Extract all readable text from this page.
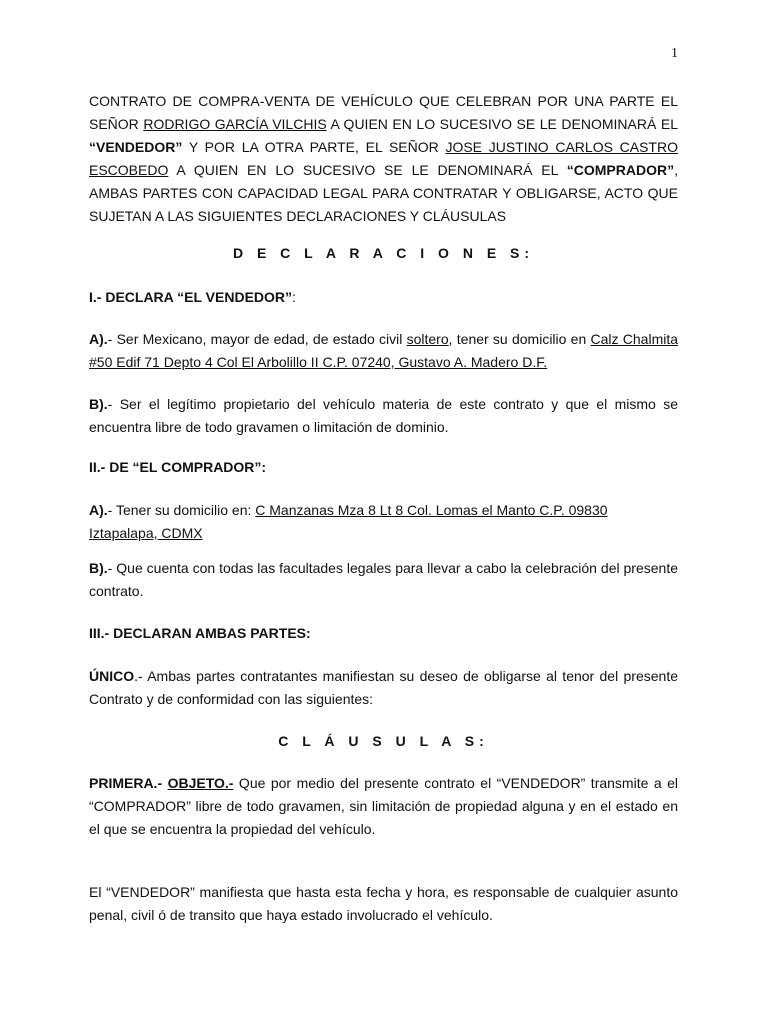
1

CONTRATO DE COMPRA-VENTA DE VEHÍCULO QUE CELEBRAN POR UNA PARTE EL SEÑOR RODRIGO GARCÍA VILCHIS A QUIEN EN LO SUCESIVO SE LE DENOMINARÁ EL “VENDEDOR” Y POR LA OTRA PARTE, EL SEÑOR JOSE JUSTINO CARLOS CASTRO ESCOBEDO A QUIEN EN LO SUCESIVO SE LE DENOMINARÁ EL “COMPRADOR”, AMBAS PARTES CON CAPACIDAD LEGAL PARA CONTRATAR Y OBLIGARSE, ACTO QUE SUJETAN A LAS SIGUIENTES DECLARACIONES Y CLÁUSULAS

D E C L A R A C I O N E S:

I.- DECLARA “EL VENDEDOR”:

A).- Ser Mexicano, mayor de edad, de estado civil soltero, tener su domicilio en Calz Chalmita #50 Edif 71 Depto 4 Col El Arbolillo II C.P. 07240, Gustavo A. Madero D.F.

B).- Ser el legítimo propietario del vehículo materia de este contrato y que el mismo se encuentra libre de todo gravamen o limitación de dominio.

II.- DE “EL COMPRADOR”:

A).- Tener su domicilio en: C Manzanas Mza 8 Lt 8 Col. Lomas el Manto C.P. 09830 Iztapalapa, CDMX

B).- Que cuenta con todas las facultades legales para llevar a cabo la celebración del presente contrato.

III.- DECLARAN AMBAS PARTES:

ÚNICO.- Ambas partes contratantes manifiestan su deseo de obligarse al tenor del presente Contrato y de conformidad con las siguientes:

C L Á U S U L A S:

PRIMERA.- OBJETO.- Que por medio del presente contrato el “VENDEDOR” transmite a el “COMPRADOR” libre de todo gravamen, sin limitación de propiedad alguna y en el estado en el que se encuentra la propiedad del vehículo.

El “VENDEDOR” manifiesta que hasta esta fecha y hora, es responsable de cualquier asunto penal, civil ó de transito que haya estado involucrado el vehículo.
